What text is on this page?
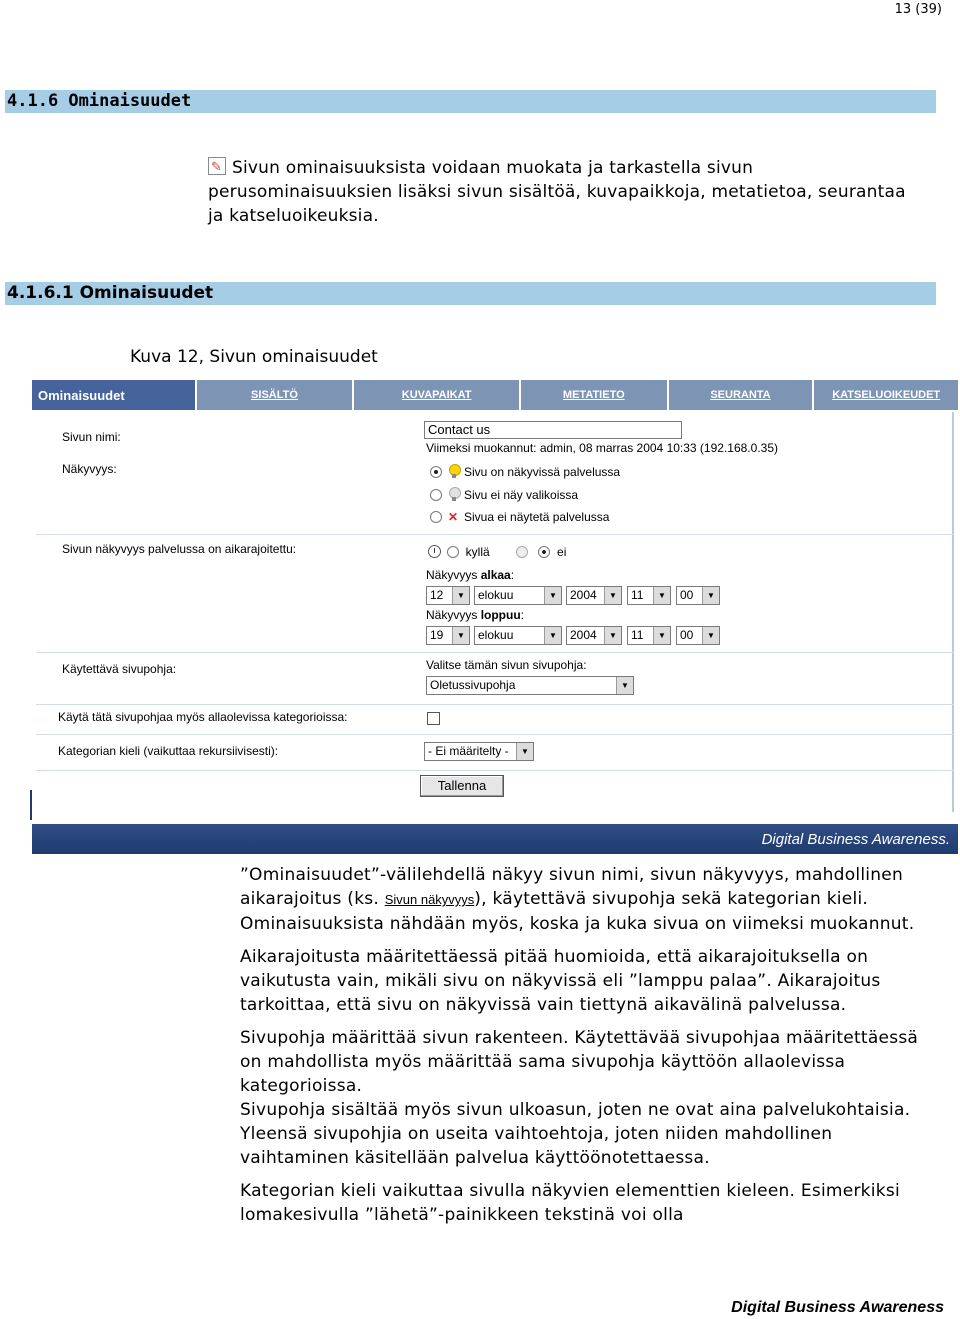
13 (39)
4.1.6 Ominaisuudet
✎Sivun ominaisuuksista voidaan muokata ja tarkastella sivun perusominaisuuksien lisäksi sivun sisältöä, kuvapaikkoja, metatietoa, seurantaa ja katseluoikeuksia.
4.1.6.1 Ominaisuudet
Kuva 12, Sivun ominaisuudet
Ominaisuudet	SISÄLTÖ	KUVAPAIKAT	METATIETO	SEURANTA	KATSELUOIKEUDET
Sivun nimi:	Contact us
Viimeksi muokannut: admin, 08 marras 2004 10:33 (192.168.0.35)
Näkyvyys:	Sivu on näkyvissä palvelussa
Sivu ei näy valikoissa
✕ Sivua ei näytetä palvelussa
Sivun näkyvyys palvelussa on aikarajoitettu:	kyllä	ei
Näkyvyys alkaa:
12	▼	elokuu	▼	2004	▼	11	▼	00	▼
Näkyvyys loppuu:
19	▼	elokuu	▼	2004	▼	11	▼	00	▼
Käytettävä sivupohja:	Valitse tämän sivun sivupohja:
Oletussivupohja	▼
Käytä tätä sivupohjaa myös allaolevissa kategorioissa:
Kategorian kieli (vaikuttaa rekursiivisesti):	- Ei määritelty -	▼
Tallenna
Digital Business Awareness.

”Ominaisuudet”-välilehdellä näkyy sivun nimi, sivun näkyvyys, mahdollinen aikarajoitus (ks. Sivun näkyvyys), käytettävä sivupohja sekä kategorian kieli. Ominaisuuksista nähdään myös, koska ja kuka sivua on viimeksi muokannut.

Aikarajoitusta määritettäessä pitää huomioida, että aikarajoituksella on vaikutusta vain, mikäli sivu on näkyvissä eli ”lamppu palaa”. Aikarajoitus tarkoittaa, että sivu on näkyvissä vain tiettynä aikavälinä palvelussa.

Sivupohja määrittää sivun rakenteen. Käytettävää sivupohjaa määritettäessä on mahdollista myös määrittää sama sivupohja käyttöön allaolevissa kategorioissa.

Sivupohja sisältää myös sivun ulkoasun, joten ne ovat aina palvelukohtaisia. Yleensä sivupohjia on useita vaihtoehtoja, joten niiden mahdollinen vaihtaminen käsitellään palvelua käyttöönotettaessa.

Kategorian kieli vaikuttaa sivulla näkyvien elementtien kieleen. Esimerkiksi lomakesivulla ”lähetä”-painikkeen tekstinä voi olla

Digital Business Awareness
